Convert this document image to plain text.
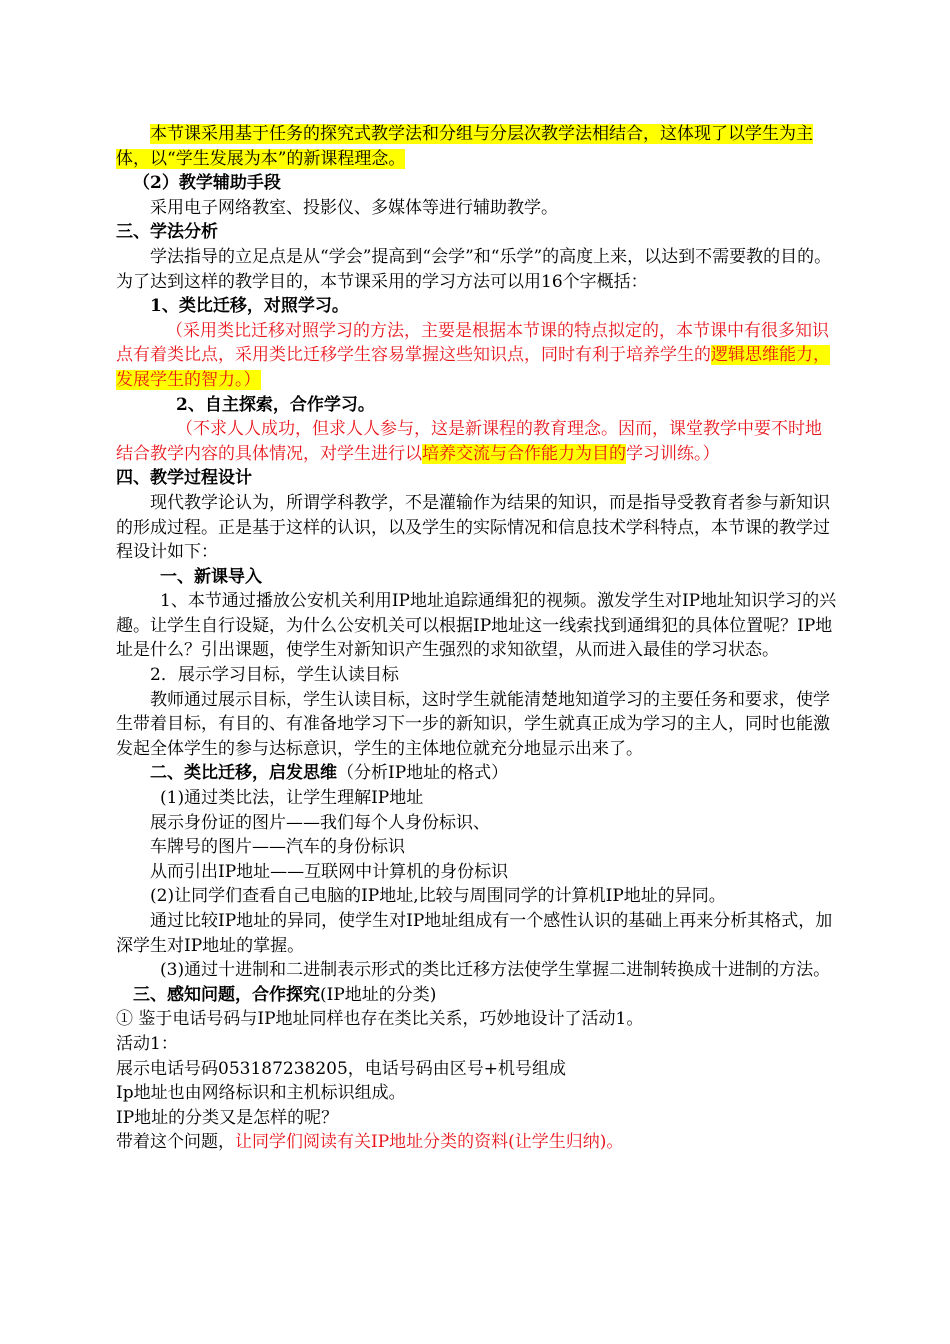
本节课采用基于任务的探究式教学法和分组与分层次教学法相结合，这体现了以学生为主体，以“学生发展为本”的新课程理念。

（2）教学辅助手段

采用电子网络教室、投影仪、多媒体等进行辅助教学。

三、学法分析

学法指导的立足点是从“学会”提高到“会学”和“乐学”的高度上来，以达到不需要教的目的。为了达到这样的教学目的，本节课采用的学习方法可以用16个字概括：

1、类比迁移，对照学习。

（采用类比迁移对照学习的方法，主要是根据本节课的特点拟定的，本节课中有很多知识点有着类比点，采用类比迁移学生容易掌握这些知识点，同时有利于培养学生的逻辑思维能力，发展学生的智力。）

2、自主探索，合作学习。

（不求人人成功，但求人人参与，这是新课程的教育理念。因而，课堂教学中要不时地结合教学内容的具体情况，对学生进行以培养交流与合作能力为目的学习训练。）

四、教学过程设计

现代教学论认为，所谓学科教学，不是灌输作为结果的知识，而是指导受教育者参与新知识的形成过程。正是基于这样的认识，以及学生的实际情况和信息技术学科特点，本节课的教学过程设计如下：

一、新课导入

1、本节通过播放公安机关利用IP地址追踪通缉犯的视频。激发学生对IP地址知识学习的兴趣。让学生自行设疑，为什么公安机关可以根据IP地址这一线索找到通缉犯的具体位置呢？IP地址是什么？引出课题，使学生对新知识产生强烈的求知欲望，从而进入最佳的学习状态。

2．展示学习目标，学生认读目标

教师通过展示目标，学生认读目标，这时学生就能清楚地知道学习的主要任务和要求，使学生带着目标，有目的、有准备地学习下一步的新知识，学生就真正成为学习的主人，同时也能激发起全体学生的参与达标意识，学生的主体地位就充分地显示出来了。

二、类比迁移，启发思维（分析IP地址的格式）

(1)通过类比法，让学生理解IP地址

展示身份证的图片——我们每个人身份标识、

车牌号的图片——汽车的身份标识

从而引出IP地址——互联网中计算机的身份标识

(2)让同学们查看自己电脑的IP地址,比较与周围同学的计算机IP地址的异同。

通过比较IP地址的异同，使学生对IP地址组成有一个感性认识的基础上再来分析其格式，加深学生对IP地址的掌握。

(3)通过十进制和二进制表示形式的类比迁移方法使学生掌握二进制转换成十进制的方法。

三、感知问题，合作探究(IP地址的分类)

① 鉴于电话号码与IP地址同样也存在类比关系，巧妙地设计了活动1。

活动1：

展示电话号码053187238205，电话号码由区号+机号组成

Ip地址也由网络标识和主机标识组成。

IP地址的分类又是怎样的呢？

带着这个问题，让同学们阅读有关IP地址分类的资料(让学生归纳)。
